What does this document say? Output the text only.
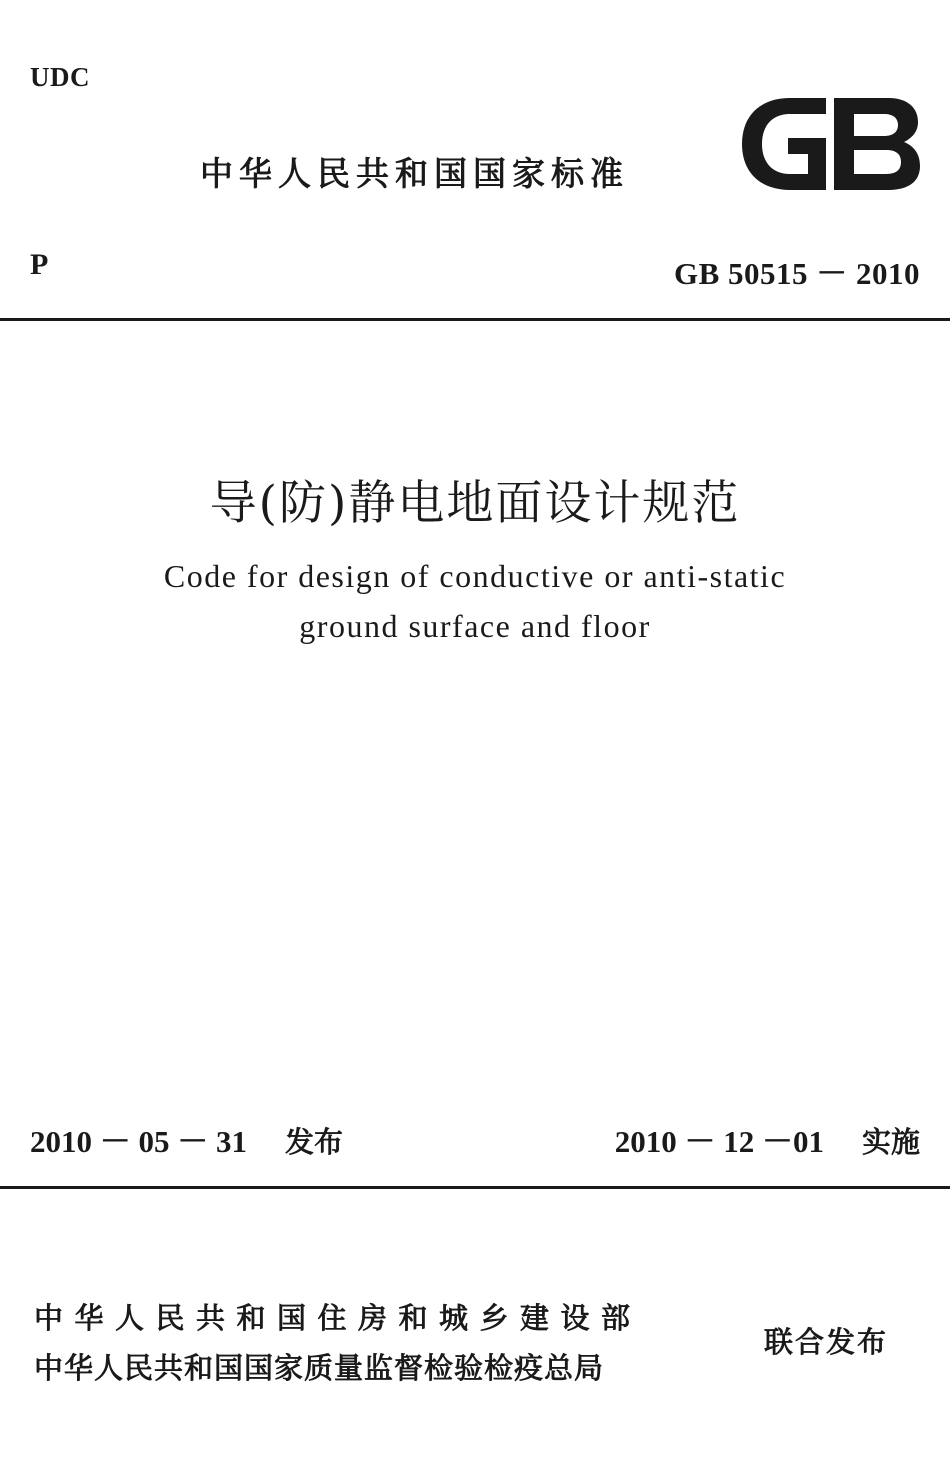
UDC
中华人民共和国国家标准
P	GB 50515 － 2010
导(防)静电地面设计规范
Code for design of conductive or anti-static
ground surface and floor
2010 － 05 － 31 发布	2010 － 12 －01 实施
中华人民共和国住房和城乡建设部
中华人民共和国国家质量监督检验检疫总局
联合发布
